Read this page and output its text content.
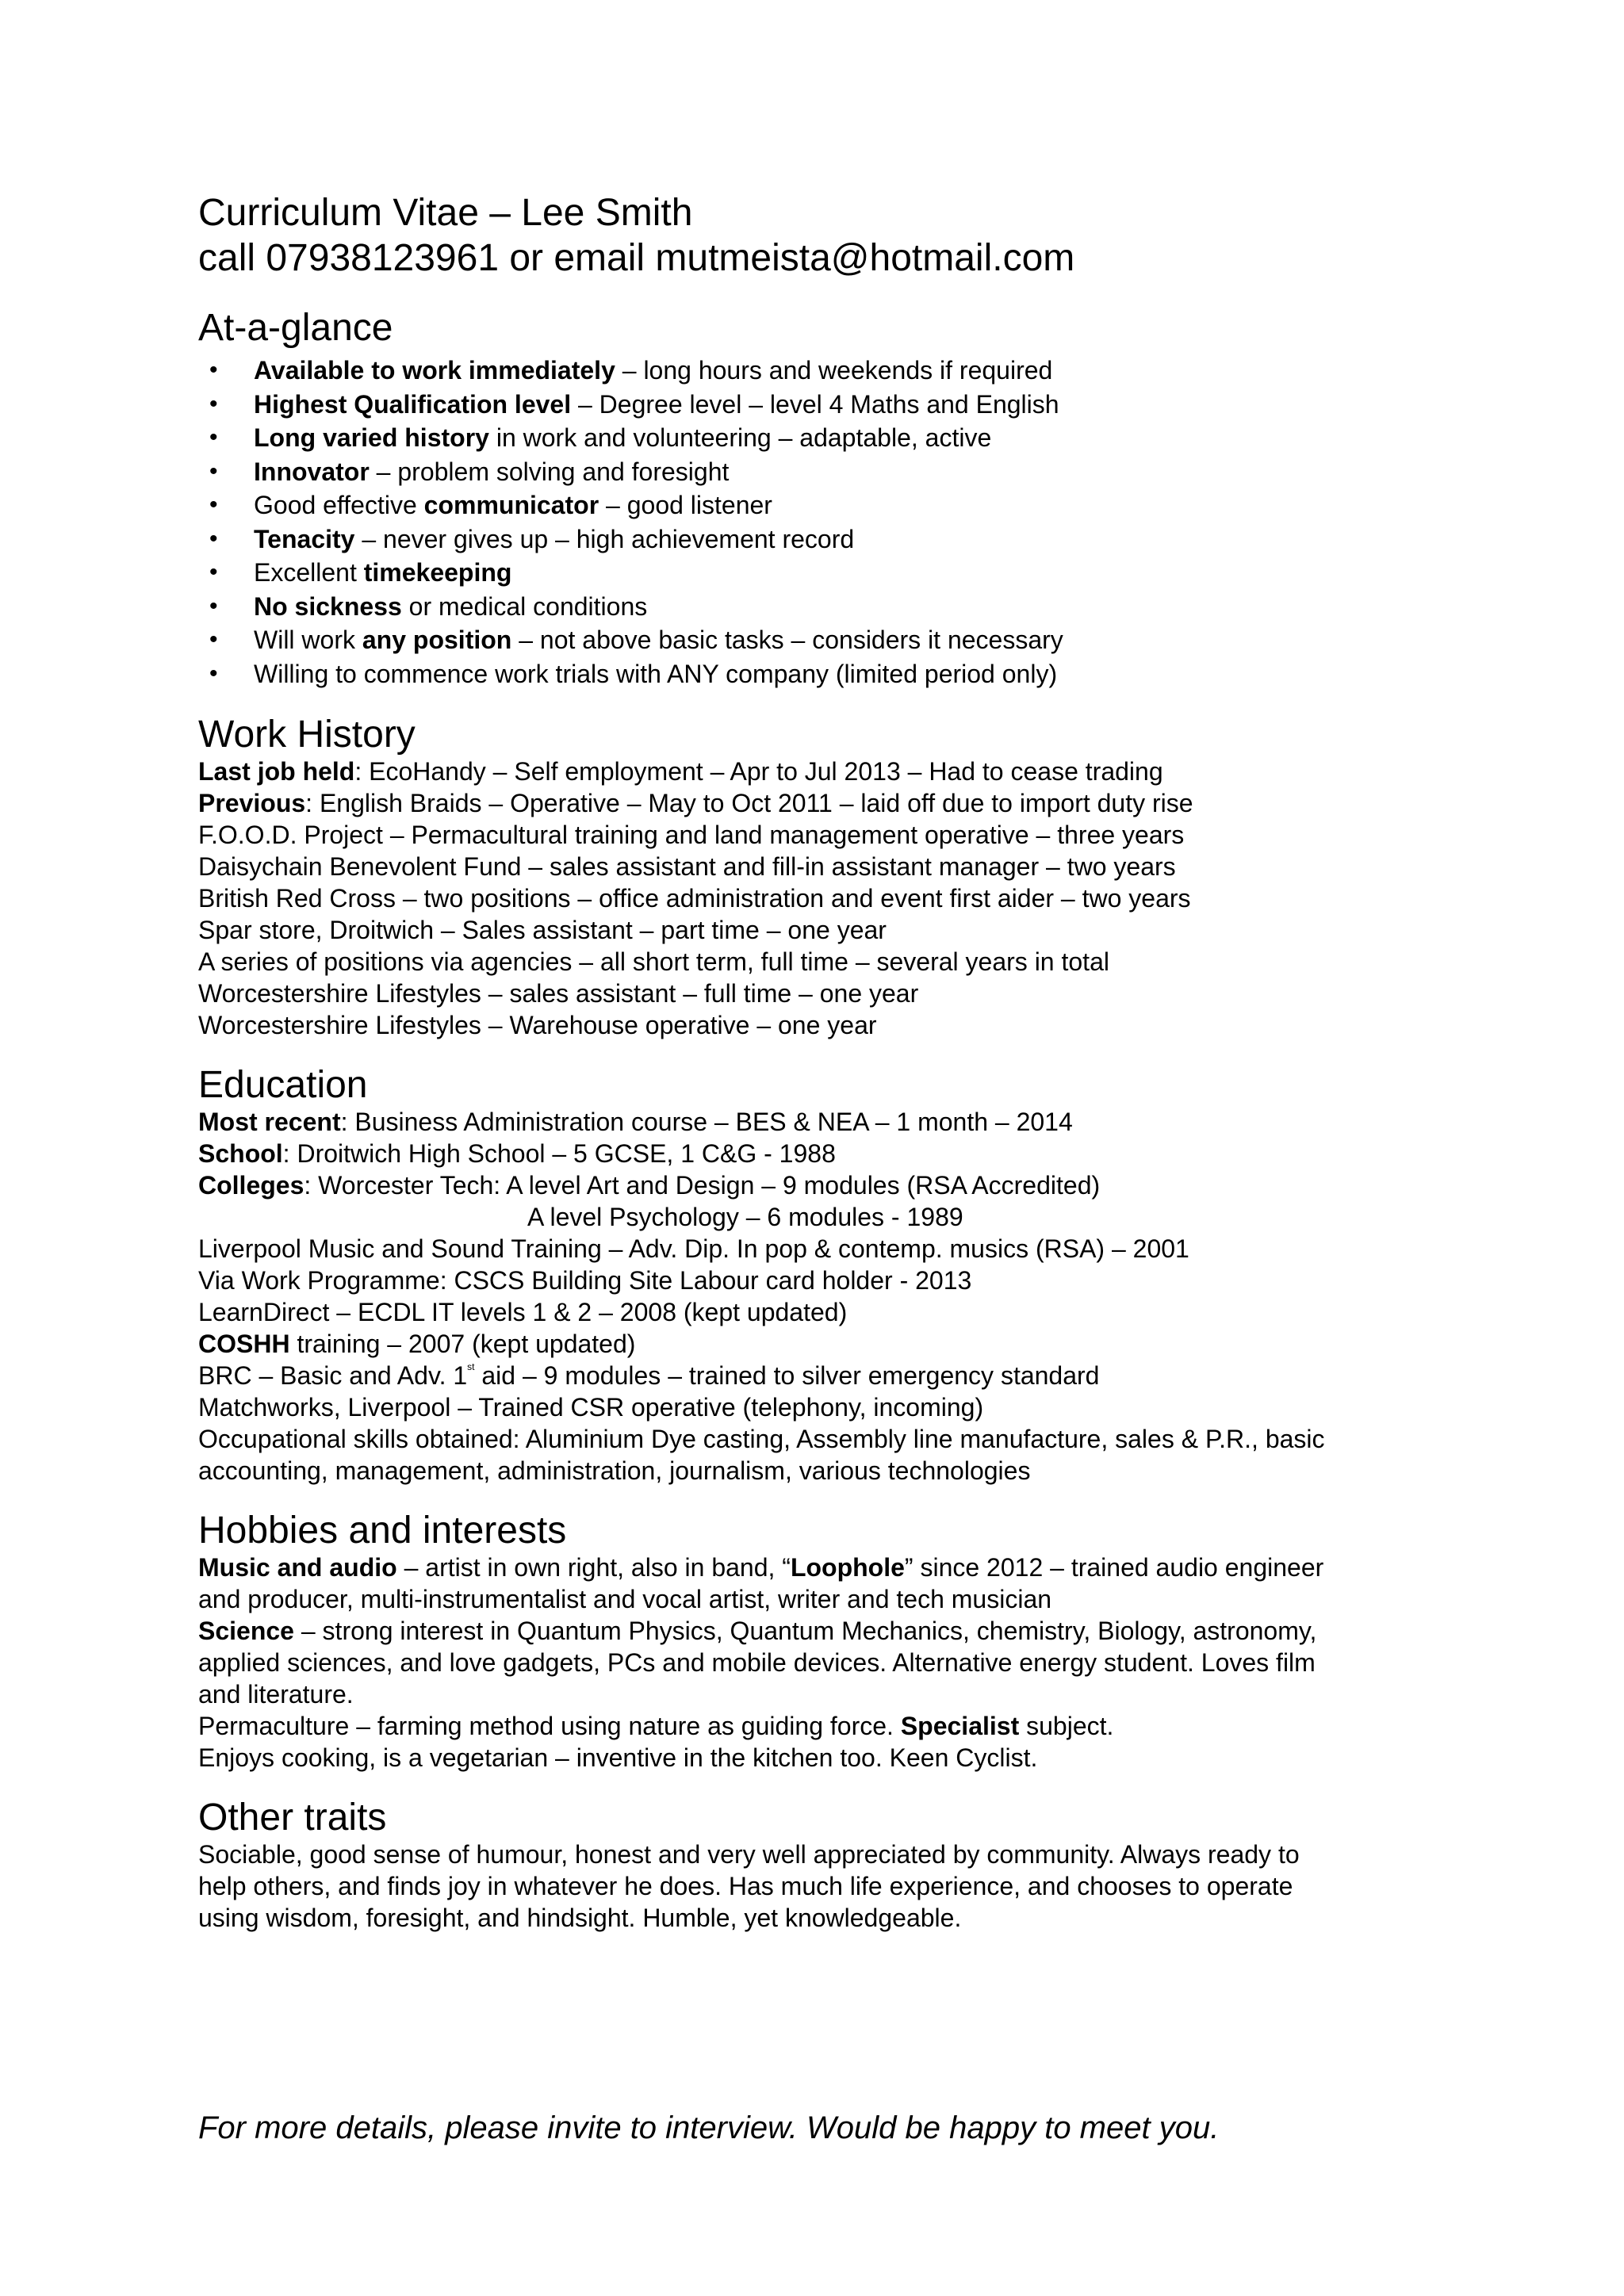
Curriculum Vitae – Lee Smith

call 07938123961 or email mutmeista@hotmail.com

At-a-glance
• Available to work immediately – long hours and weekends if required
• Highest Qualification level – Degree level – level 4 Maths and English
• Long varied history in work and volunteering – adaptable, active
• Innovator – problem solving and foresight
• Good effective communicator – good listener
• Tenacity – never gives up – high achievement record
• Excellent timekeeping
• No sickness or medical conditions
• Will work any position – not above basic tasks – considers it necessary
• Willing to commence work trials with ANY company (limited period only)
Work History

Last job held: EcoHandy – Self employment – Apr to Jul 2013 – Had to cease trading

Previous: English Braids – Operative – May to Oct 2011 – laid off due to import duty rise

F.O.O.D. Project – Permacultural training and land management operative – three years

Daisychain Benevolent Fund – sales assistant and fill-in assistant manager – two years

British Red Cross – two positions – office administration and event first aider – two years

Spar store, Droitwich – Sales assistant – part time – one year

A series of positions via agencies – all short term, full time – several years in total

Worcestershire Lifestyles – sales assistant – full time – one year

Worcestershire Lifestyles – Warehouse operative – one year

Education

Most recent: Business Administration course – BES & NEA – 1 month – 2014

School: Droitwich High School – 5 GCSE, 1 C&G - 1988

Colleges: Worcester Tech: A level Art and Design – 9 modules (RSA Accredited)

A level Psychology – 6 modules - 1989

Liverpool Music and Sound Training – Adv. Dip. In pop & contemp. musics (RSA) – 2001

Via Work Programme: CSCS Building Site Labour card holder - 2013

LearnDirect – ECDL IT levels 1 & 2 – 2008 (kept updated)

COSHH training – 2007 (kept updated)

BRC – Basic and Adv. 1st aid – 9 modules – trained to silver emergency standard

Matchworks, Liverpool – Trained CSR operative (telephony, incoming)

Occupational skills obtained: Aluminium Dye casting, Assembly line manufacture, sales & P.R., basic

accounting, management, administration, journalism, various technologies

Hobbies and interests

Music and audio – artist in own right, also in band, “Loophole” since 2012 – trained audio engineer

and producer, multi-instrumentalist and vocal artist, writer and tech musician

Science – strong interest in Quantum Physics, Quantum Mechanics, chemistry, Biology, astronomy,

applied sciences, and love gadgets, PCs and mobile devices. Alternative energy student. Loves film

and literature.

Permaculture – farming method using nature as guiding force. Specialist subject.

Enjoys cooking, is a vegetarian – inventive in the kitchen too. Keen Cyclist.

Other traits

Sociable, good sense of humour, honest and very well appreciated by community. Always ready to

help others, and finds joy in whatever he does. Has much life experience, and chooses to operate

using wisdom, foresight, and hindsight. Humble, yet knowledgeable.

For more details, please invite to interview. Would be happy to meet you.
